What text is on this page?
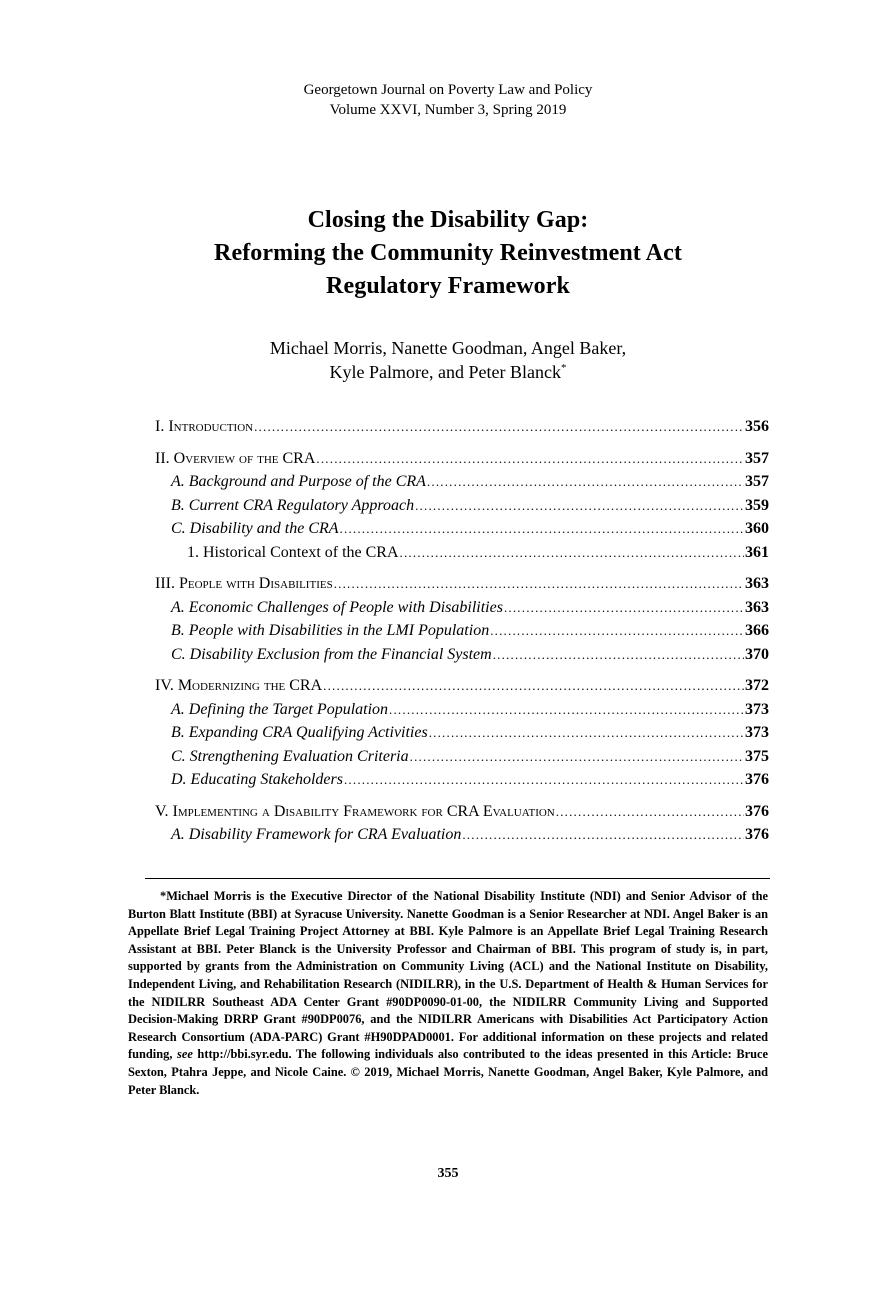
Georgetown Journal on Poverty Law and Policy
Volume XXVI, Number 3, Spring 2019
Closing the Disability Gap:
Reforming the Community Reinvestment Act
Regulatory Framework
Michael Morris, Nanette Goodman, Angel Baker,
Kyle Palmore, and Peter Blanck*
I. Introduction .....	356
II. Overview of the CRA .....	357
A. Background and Purpose of the CRA .....	357
B. Current CRA Regulatory Approach .....	359
C. Disability and the CRA .....	360
1. Historical Context of the CRA .....	361
III. People with Disabilities .....	363
A. Economic Challenges of People with Disabilities .....	363
B. People with Disabilities in the LMI Population .....	366
C. Disability Exclusion from the Financial System .....	370
IV. Modernizing the CRA .....	372
A. Defining the Target Population .....	373
B. Expanding CRA Qualifying Activities .....	373
C. Strengthening Evaluation Criteria .....	375
D. Educating Stakeholders .....	376
V. Implementing a Disability Framework for CRA Evaluation .....	376
A. Disability Framework for CRA Evaluation .....	376
*Michael Morris is the Executive Director of the National Disability Institute (NDI) and Senior Advisor of the Burton Blatt Institute (BBI) at Syracuse University. Nanette Goodman is a Senior Researcher at NDI. Angel Baker is an Appellate Brief Legal Training Project Attorney at BBI. Kyle Palmore is an Appellate Brief Legal Training Research Assistant at BBI. Peter Blanck is the University Professor and Chairman of BBI. This program of study is, in part, supported by grants from the Administration on Community Living (ACL) and the National Institute on Disability, Independent Living, and Rehabilitation Research (NIDILRR), in the U.S. Department of Health & Human Services for the NIDILRR Southeast ADA Center Grant #90DP0090-01-00, the NIDILRR Community Living and Supported Decision-Making DRRP Grant #90DP0076, and the NIDILRR Americans with Disabilities Act Participatory Action Research Consortium (ADA-PARC) Grant #H90DPAD0001. For additional information on these projects and related funding, see http://bbi.syr.edu. The following individuals also contributed to the ideas presented in this Article: Bruce Sexton, Ptahra Jeppe, and Nicole Caine. © 2019, Michael Morris, Nanette Goodman, Angel Baker, Kyle Palmore, and Peter Blanck.
355
